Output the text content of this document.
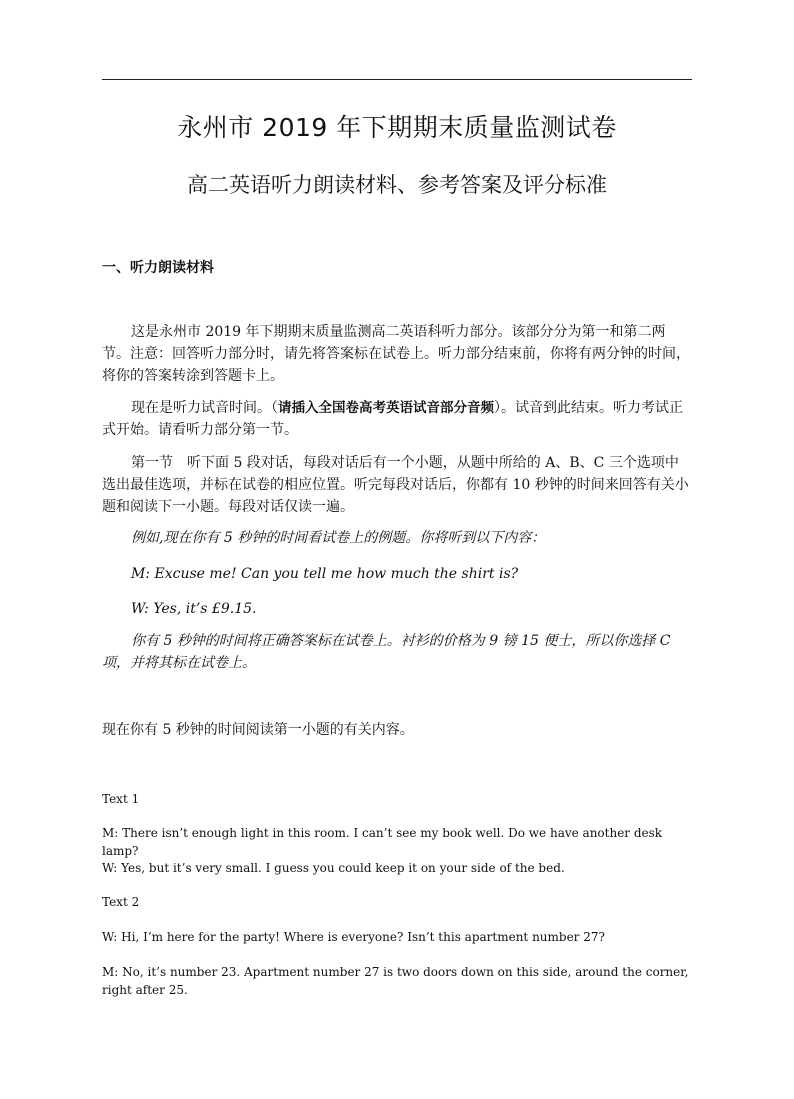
永州市 2019 年下期期末质量监测试卷
高二英语听力朗读材料、参考答案及评分标准
一、听力朗读材料

这是永州市 2019 年下期期末质量监测高二英语科听力部分。该部分分为第一和第二两节。注意：回答听力部分时，请先将答案标在试卷上。听力部分结束前，你将有两分钟的时间，将你的答案转涂到答题卡上。

现在是听力试音时间。（请插入全国卷高考英语试音部分音频）。试音到此结束。听力考试正式开始。请看听力部分第一节。

第一节　听下面 5 段对话，每段对话后有一个小题，从题中所给的 A、B、C 三个选项中选出最佳选项，并标在试卷的相应位置。听完每段对话后，你都有 10 秒钟的时间来回答有关小题和阅读下一小题。每段对话仅读一遍。

例如,现在你有 5 秒钟的时间看试卷上的例题。你将听到以下内容：

M: Excuse me! Can you tell me how much the shirt is?

W: Yes, it’s £9.15.

你有 5 秒钟的时间将正确答案标在试卷上。衬衫的价格为 9 镑 15 便士，所以你选择 C 项，并将其标在试卷上。

现在你有 5 秒钟的时间阅读第一小题的有关内容。

Text 1

M: There isn’t enough light in this room. I can’t see my book well. Do we have another desk lamp?

W: Yes, but it’s very small. I guess you could keep it on your side of the bed.

Text 2

W: Hi, I’m here for the party! Where is everyone? Isn’t this apartment number 27?

M: No, it’s number 23. Apartment number 27 is two doors down on this side, around the corner, right after 25.
